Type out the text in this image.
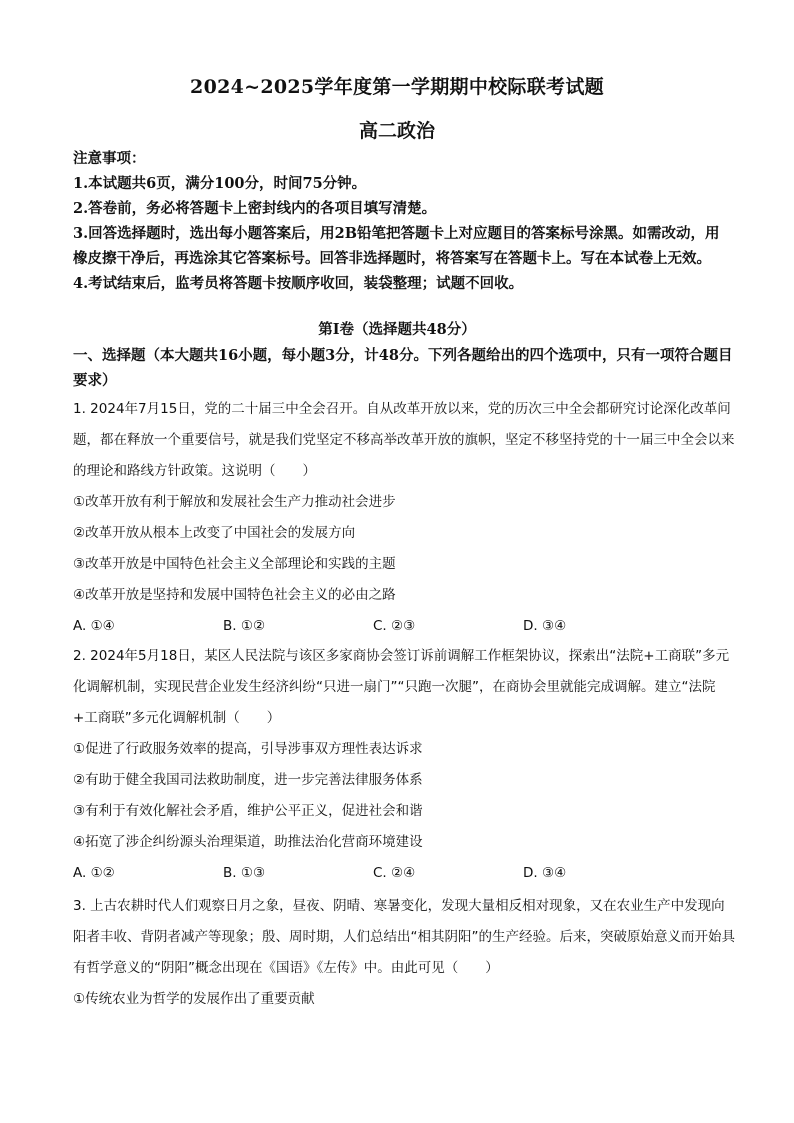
2024~2025学年度第一学期期中校际联考试题
高二政治
注意事项：
1.本试题共6页，满分100分，时间75分钟。
2.答卷前，务必将答题卡上密封线内的各项目填写清楚。
3.回答选择题时，选出每小题答案后，用2B铅笔把答题卡上对应题目的答案标号涂黑。如需改动，用橡皮擦干净后，再选涂其它答案标号。回答非选择题时，将答案写在答题卡上。写在本试卷上无效。
4.考试结束后，监考员将答题卡按顺序收回，装袋整理；试题不回收。
第Ⅰ卷（选择题共48分）
一、选择题（本大题共16小题，每小题3分，计48分。下列各题给出的四个选项中，只有一项符合题目要求）

1. 2024年7月15日，党的二十届三中全会召开。自从改革开放以来，党的历次三中全会都研究讨论深化改革问题，都在释放一个重要信号，就是我们党坚定不移高举改革开放的旗帜，坚定不移坚持党的十一届三中全会以来的理论和路线方针政策。这说明（　　）

①改革开放有利于解放和发展社会生产力推动社会进步

②改革开放从根本上改变了中国社会的发展方向

③改革开放是中国特色社会主义全部理论和实践的主题

④改革开放是坚持和发展中国特色社会主义的必由之路

A. ①④	B. ①②	C. ②③	D. ③④

2. 2024年5月18日，某区人民法院与该区多家商协会签订诉前调解工作框架协议，探索出“法院+工商联”多元化调解机制，实现民营企业发生经济纠纷“只进一扇门”“只跑一次腿”，在商协会里就能完成调解。建立“法院+工商联”多元化调解机制（　　）

①促进了行政服务效率的提高，引导涉事双方理性表达诉求

②有助于健全我国司法救助制度，进一步完善法律服务体系

③有利于有效化解社会矛盾，维护公平正义，促进社会和谐

④拓宽了涉企纠纷源头治理渠道，助推法治化营商环境建设

A. ①②	B. ①③	C. ②④	D. ③④

3. 上古农耕时代人们观察日月之象，昼夜、阴晴、寒暑变化，发现大量相反相对现象，又在农业生产中发现向阳者丰收、背阴者减产等现象；殷、周时期，人们总结出“相其阴阳”的生产经验。后来，突破原始意义而开始具有哲学意义的“阴阳”概念出现在《国语》《左传》中。由此可见（　　）

①传统农业为哲学的发展作出了重要贡献
